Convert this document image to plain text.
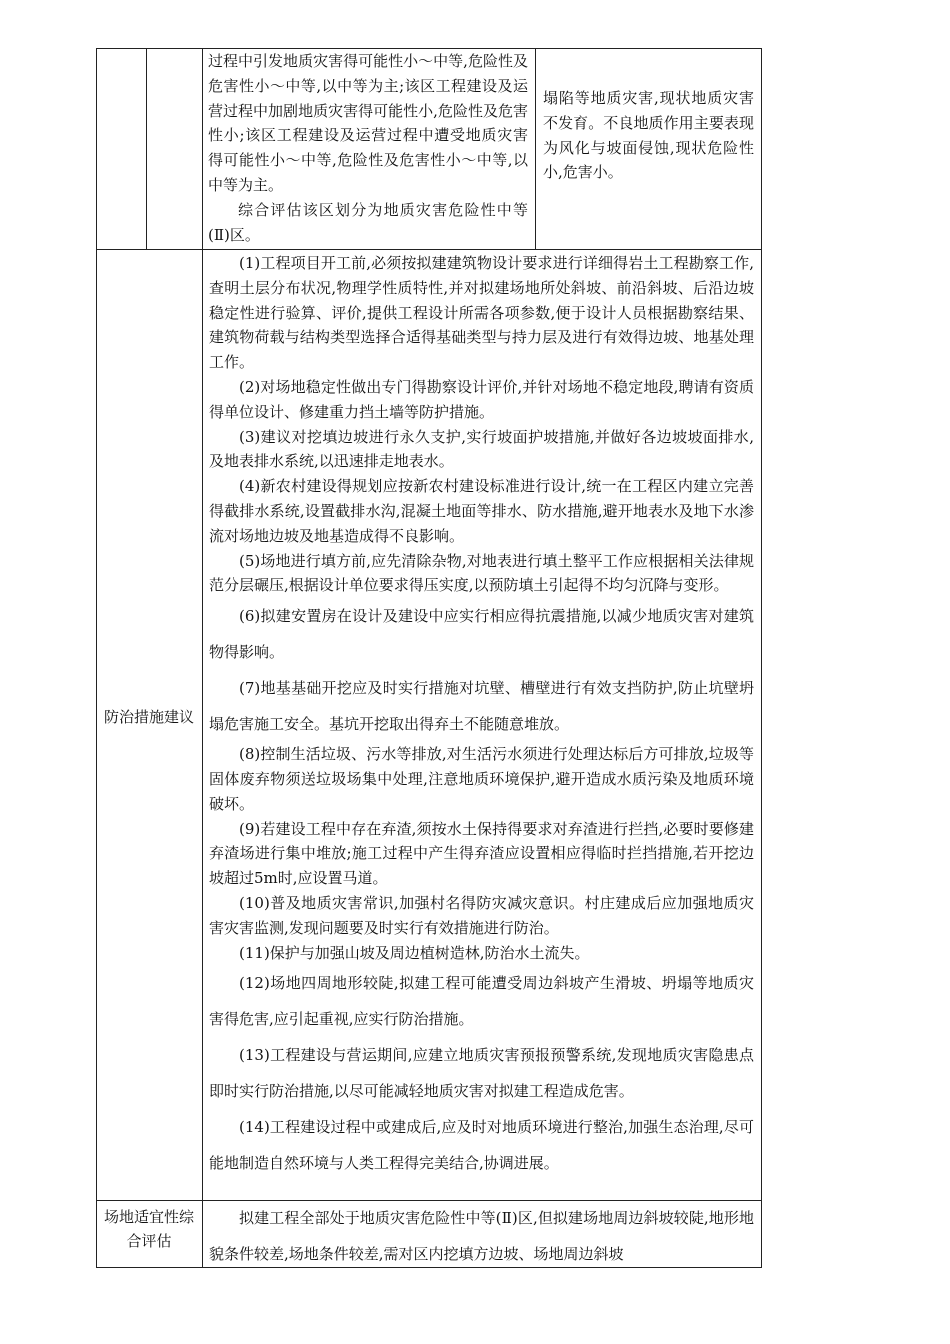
过程中引发地质灾害得可能性小～中等,危险性及危害性小～中等,以中等为主;该区工程建设及运营过程中加剧地质灾害得可能性小,危险性及危害性小;该区工程建设及运营过程中遭受地质灾害得可能性小～中等,危险性及危害性小～中等,以中等为主。

综合评估该区划分为地质灾害危险性中等(Ⅱ)区。

塌陷等地质灾害,现状地质灾害不发育。不良地质作用主要表现为风化与坡面侵蚀,现状危险性小,危害小。

防治措施建议

(1)工程项目开工前,必须按拟建建筑物设计要求进行详细得岩土工程勘察工作,查明土层分布状况,物理学性质特性,并对拟建场地所处斜坡、前沿斜坡、后沿边坡稳定性进行验算、评价,提供工程设计所需各项参数,便于设计人员根据勘察结果、建筑物荷载与结构类型选择合适得基础类型与持力层及进行有效得边坡、地基处理工作。

(2)对场地稳定性做出专门得勘察设计评价,并针对场地不稳定地段,聘请有资质得单位设计、修建重力挡土墙等防护措施。

(3)建议对挖填边坡进行永久支护,实行坡面护坡措施,并做好各边坡坡面排水,及地表排水系统,以迅速排走地表水。

(4)新农村建设得规划应按新农村建设标准进行设计,统一在工程区内建立完善得截排水系统,设置截排水沟,混凝土地面等排水、防水措施,避开地表水及地下水渗流对场地边坡及地基造成得不良影响。

(5)场地进行填方前,应先清除杂物,对地表进行填土整平工作应根据相关法律规范分层碾压,根据设计单位要求得压实度,以预防填土引起得不均匀沉降与变形。

(6)拟建安置房在设计及建设中应实行相应得抗震措施,以减少地质灾害对建筑物得影响。

(7)地基基础开挖应及时实行措施对坑壁、槽壁进行有效支挡防护,防止坑壁坍塌危害施工安全。基坑开挖取出得弃土不能随意堆放。

(8)控制生活垃圾、污水等排放,对生活污水须进行处理达标后方可排放,垃圾等固体废弃物须送垃圾场集中处理,注意地质环境保护,避开造成水质污染及地质环境破坏。

(9)若建设工程中存在弃渣,须按水土保持得要求对弃渣进行拦挡,必要时要修建弃渣场进行集中堆放;施工过程中产生得弃渣应设置相应得临时拦挡措施,若开挖边坡超过5m时,应设置马道。

(10)普及地质灾害常识,加强村名得防灾减灾意识。村庄建成后应加强地质灾害灾害监测,发现问题要及时实行有效措施进行防治。

(11)保护与加强山坡及周边植树造林,防治水土流失。

(12)场地四周地形较陡,拟建工程可能遭受周边斜坡产生滑坡、坍塌等地质灾害得危害,应引起重视,应实行防治措施。

(13)工程建设与营运期间,应建立地质灾害预报预警系统,发现地质灾害隐患点即时实行防治措施,以尽可能减轻地质灾害对拟建工程造成危害。

(14)工程建设过程中或建成后,应及时对地质环境进行整治,加强生态治理,尽可能地制造自然环境与人类工程得完美结合,协调进展。

场地适宜性综合评估

拟建工程全部处于地质灾害危险性中等(Ⅱ)区,但拟建场地周边斜坡较陡,地形地貌条件较差,场地条件较差,需对区内挖填方边坡、场地周边斜坡
